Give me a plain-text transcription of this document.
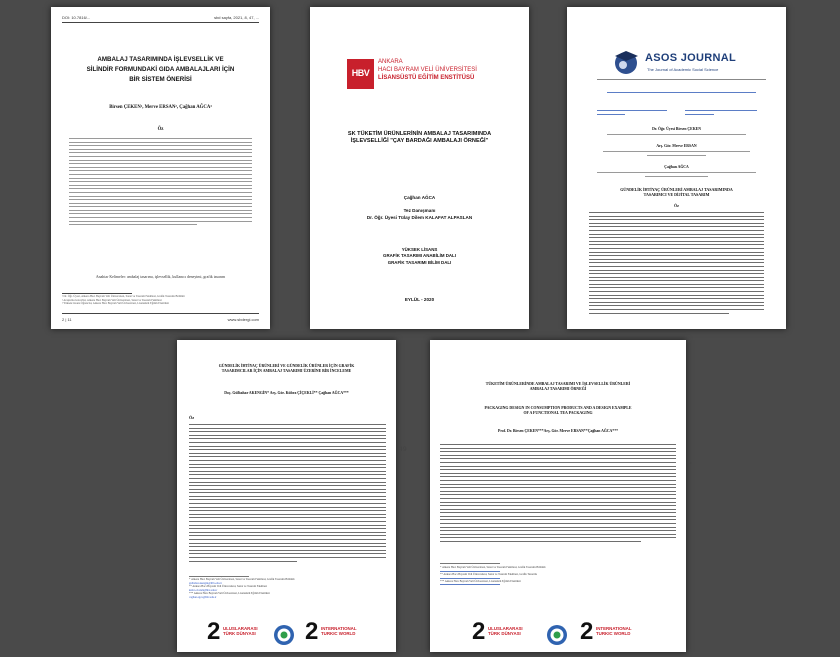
DOI: 10.7816/...	sbd sayfa, 2021, 8, 47, ...
AMBALAJ TASARIMINDA İŞLEVSELLİK VE
SİLİNDİR FORMUNDAKİ GIDA AMBALAJLARI İÇİN
BİR SİSTEM ÖNERİSİ
Birsen ÇEKEN¹, Merve ERSAN², Çağhan AĞCA³
Öz
Anahtar Kelimeler: ambalaj tasarımı, işlevsellik, kullanıcı deneyimi, grafik tasarım
¹ Dr. Öğr. Üyesi, Ankara Hacı Bayram Veli Üniversitesi, Sanat ve Tasarım Fakültesi, Grafik Tasarımı Bölümü
² Araştırma Görevlisi, Ankara Hacı Bayram Veli Üniversitesi, Sanat ve Tasarım Fakültesi
³ Yüksek Lisans Öğrencisi, Ankara Hacı Bayram Veli Üniversitesi, Lisansüstü Eğitim Enstitüsü
2 | 11	www.sbdergi.com
HBV
ANKARA
HACI BAYRAM VELİ ÜNİVERSİTESİ
LİSANSÜSTÜ EĞİTİM ENSTİTÜSÜ
SK TÜKETİM ÜRÜNLERİNİN AMBALAJ TASARIMINDA
İŞLEVSELLİĞİ "ÇAY BARDAĞI AMBALAJI ÖRNEĞİ"
Çağhan AĞCA
Tez Danışmanı
Dr. Öğr. Üyesi Tülay Dilem KALAFAT ALPASLAN
YÜKSEK LİSANS
GRAFİK TASARIMI ANABİLİM DALI
GRAFİK TASARIMI BİLİM DALI
EYLÜL - 2020
ASOS JOURNAL
The Journal of Academic Social Science
Dr. Öğr. Üyesi Birsen ÇEKEN
Arş. Gör. Merve ERSAN
Çağhan AĞCA
GÜNDELİK İHTİYAÇ ÜRÜNLERİ AMBALAJ TASARIMINDA
TASARIMCI VE DİJİTAL TASARIM
Öz
GÜNDELİK İHTİYAÇ ÜRÜNLERİ VE GÜNDELİK ÜRÜNLER İÇİN GRAFİK
TASARIMCILAR İÇİN AMBALAJ TASARIMI ÜZERİNE BİR İNCELEME
Doç. Gülbahar AKENGİN* Arş. Gör. Kübra ÇİÇEKLİ** Çağhan AĞCA***
Öz
* Ankara Hacı Bayram Veli Üniversitesi, Sanat ve Tasarım Fakültesi, Grafik Tasarımı Bölümü
gulbahar.akengin@hbv.edu.tr
** Ankara Hacı Bayram Veli Üniversitesi, Sanat ve Tasarım Fakültesi
kubra.cicekli@hbv.edu.tr
*** Ankara Hacı Bayram Veli Üniversitesi, Lisansüstü Eğitim Enstitüsü
caghan.agca@hbv.edu.tr
2 ULUSLARARASI TÜRK DÜNYASI 2 INTERNATIONAL TURKIC WORLD
49
TÜKETİM ÜRÜNLERİNDE AMBALAJ TASARIMI VE İŞLEVSELLİK ÜRÜNLERİ
AMBALAJ TASARIMI ÖRNEĞİ
PACKAGING DESIGN IN CONSUMPTION PRODUCTS AND A DESIGN EXAMPLE
OF A FUNCTIONAL TEA PACKAGING
Prof. Dr. Birsen ÇEKEN***Arş. Gör. Merve ERSAN**Çağhan AĞCA***
* Ankara Hacı Bayram Veli Üniversitesi, Sanat ve Tasarım Fakültesi, Grafik Tasarımı Bölümü
** Ankara Hacı Bayram Veli Üniversitesi, Sanat ve Tasarım Fakültesi, Grafik Tasarımı
*** Ankara Hacı Bayram Veli Üniversitesi, Lisansüstü Eğitim Enstitüsü
2 ULUSLARARASI TÜRK DÜNYASI 2 INTERNATIONAL TURKIC WORLD
»
